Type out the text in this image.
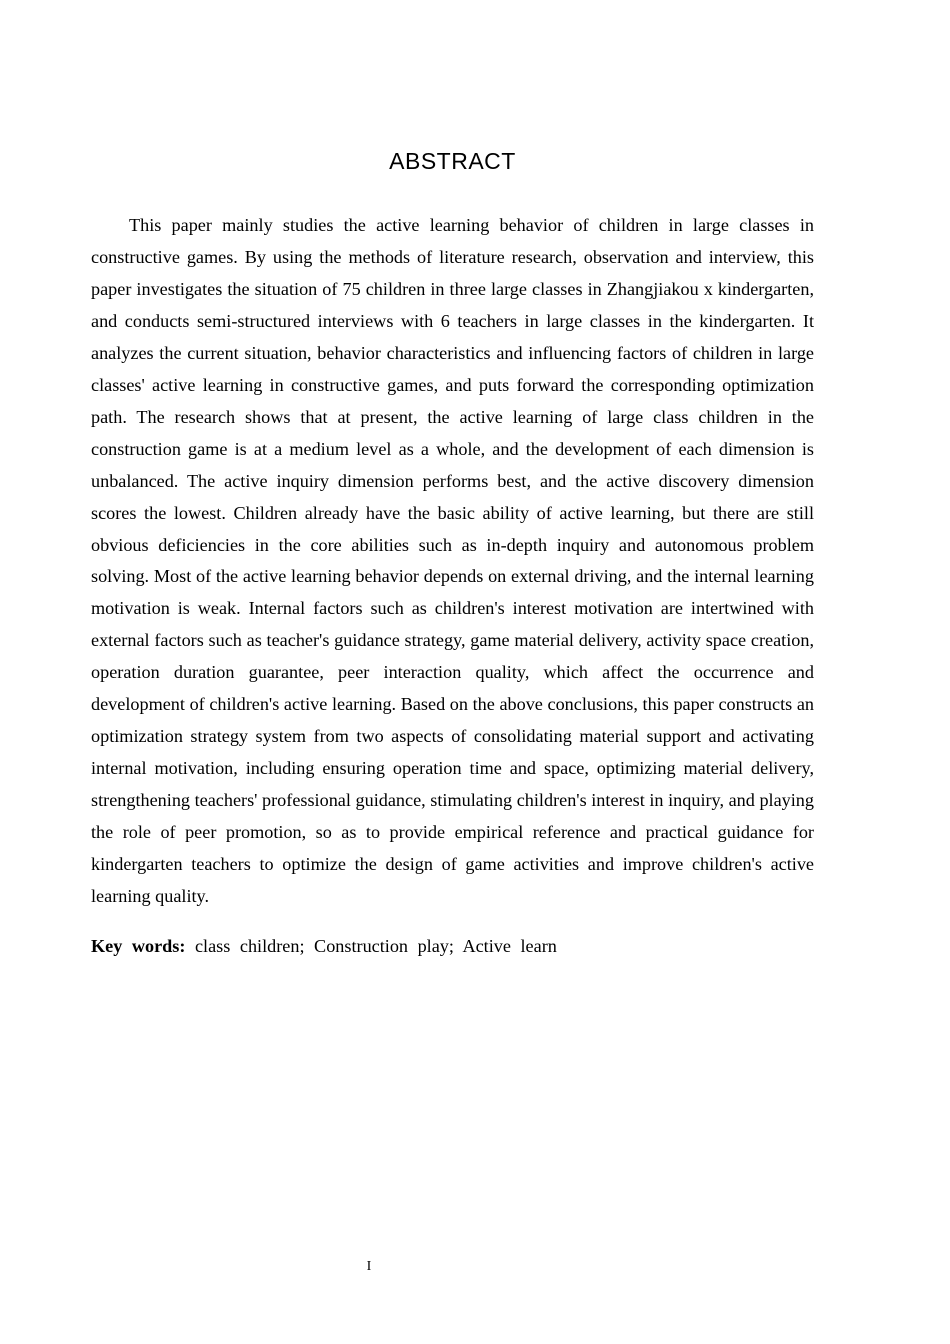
ABSTRACT

This paper mainly studies the active learning behavior of children in large classes in constructive games. By using the methods of literature research, observation and interview, this paper investigates the situation of 75 children in three large classes in Zhangjiakou x kindergarten, and conducts semi-structured interviews with 6 teachers in large classes in the kindergarten. It analyzes the current situation, behavior characteristics and influencing factors of children in large classes' active learning in constructive games, and puts forward the corresponding optimization path. The research shows that at present, the active learning of large class children in the construction game is at a medium level as a whole, and the development of each dimension is unbalanced. The active inquiry dimension performs best, and the active discovery dimension scores the lowest. Children already have the basic ability of active learning, but there are still obvious deficiencies in the core abilities such as in-depth inquiry and autonomous problem solving. Most of the active learning behavior depends on external driving, and the internal learning motivation is weak. Internal factors such as children's interest motivation are intertwined with external factors such as teacher's guidance strategy, game material delivery, activity space creation, operation duration guarantee, peer interaction quality, which affect the occurrence and development of children's active learning. Based on the above conclusions, this paper constructs an optimization strategy system from two aspects of consolidating material support and activating internal motivation, including ensuring operation time and space, optimizing material delivery, strengthening teachers' professional guidance, stimulating children's interest in inquiry, and playing the role of peer promotion, so as to provide empirical reference and practical guidance for kindergarten teachers to optimize the design of game activities and improve children's active learning quality.

Key words: class children; Construction play; Active learn

I
